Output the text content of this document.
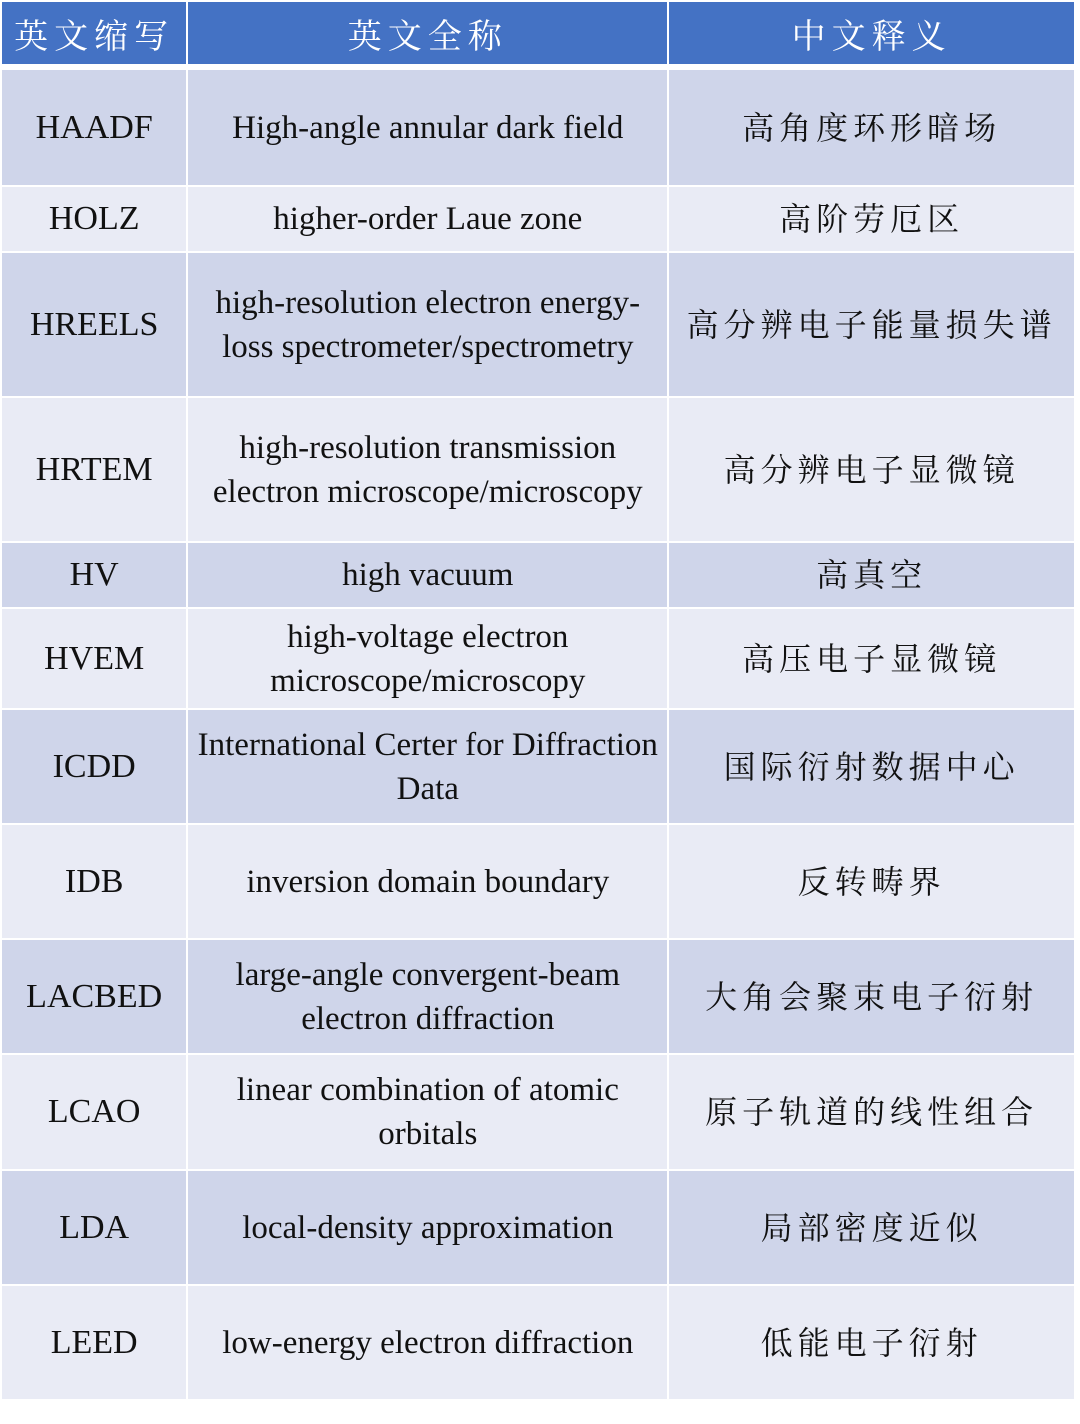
英文缩写	英文全称	中文释义
HAADF	High-angle annular dark field	高角度环形暗场
HOLZ	higher-order Laue zone	高阶劳厄区
HREELS	high-resolution electron energy-loss spectrometer/spectrometry	高分辨电子能量损失谱
HRTEM	high-resolution transmission electron microscope/microscopy	高分辨电子显微镜
HV	high vacuum	高真空
HVEM	high-voltage electron microscope/microscopy	高压电子显微镜
ICDD	International Certer for Diffraction Data	国际衍射数据中心
IDB	inversion domain boundary	反转畴界
LACBED	large-angle convergent-beam electron diffraction	大角会聚束电子衍射
LCAO	linear combination of atomic orbitals	原子轨道的线性组合
LDA	local-density approximation	局部密度近似
LEED	low-energy electron diffraction	低能电子衍射
